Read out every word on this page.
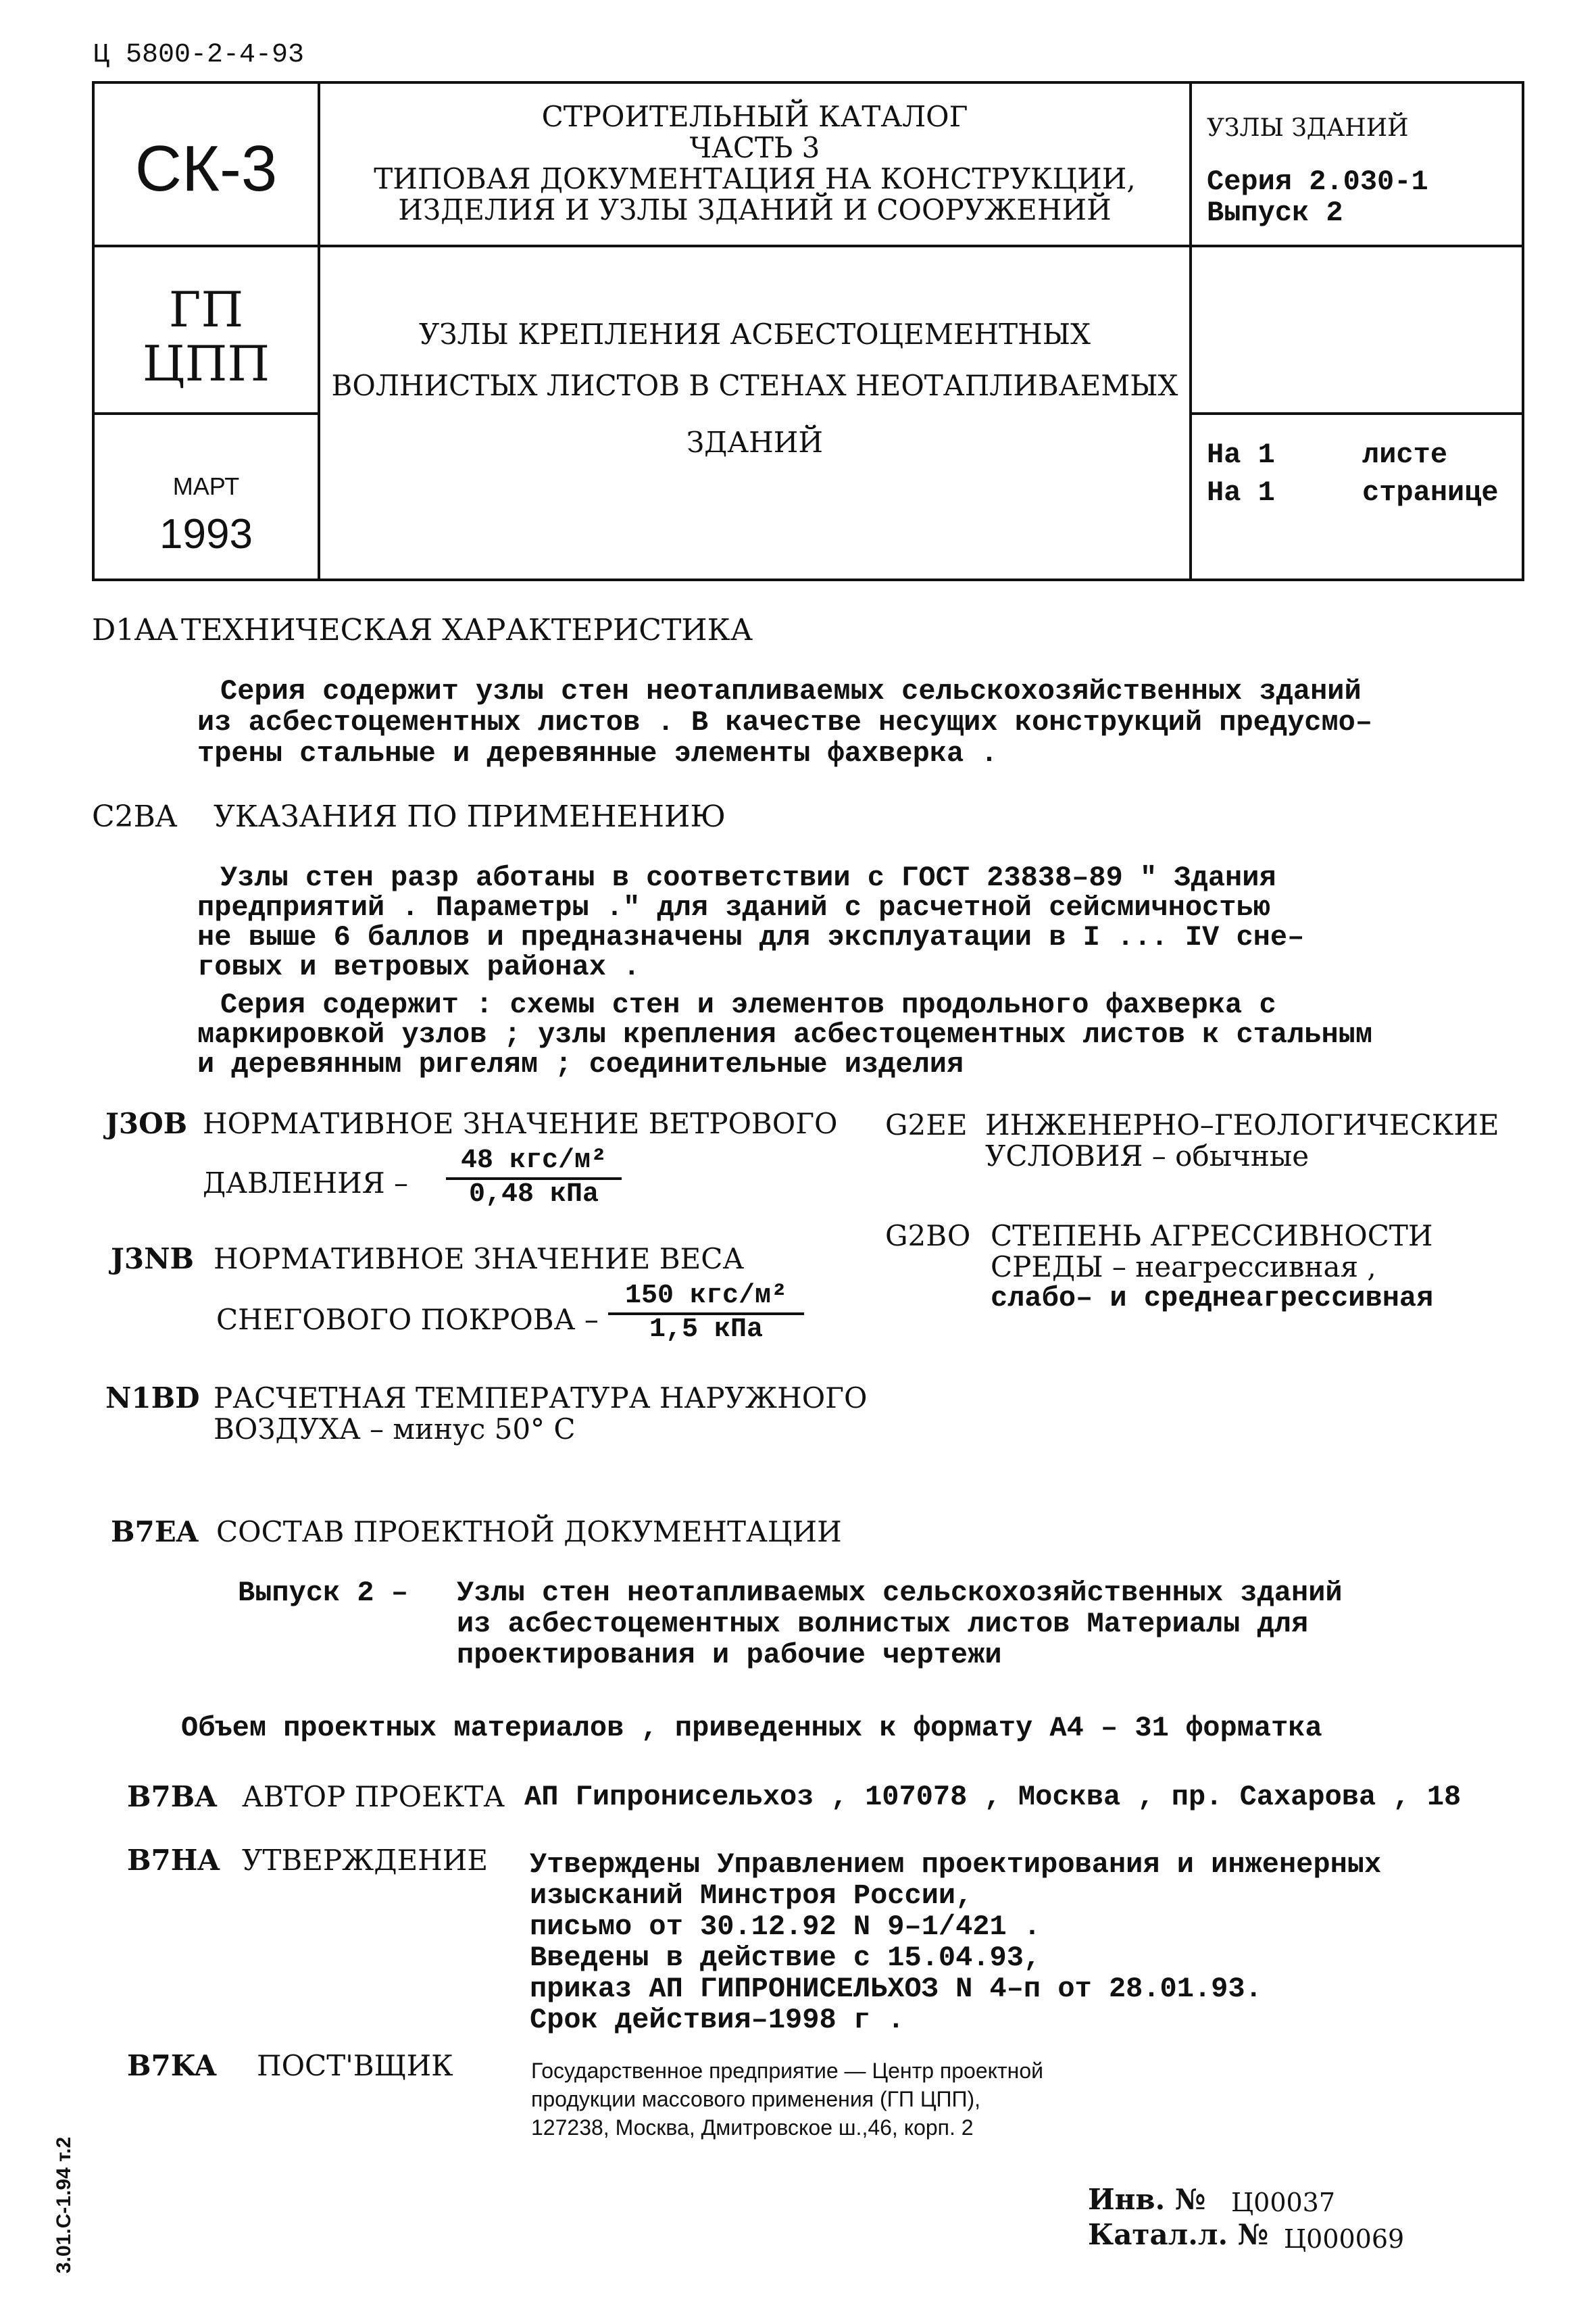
Ц 5800-2-4-93
СК-3
ГП
ЦПП
МАРТ
1993
СТРОИТЕЛЬНЫЙ КАТАЛОГ
ЧАСТЬ 3
ТИПОВАЯ ДОКУМЕНТАЦИЯ НА КОНСТРУКЦИИ,
ИЗДЕЛИЯ И УЗЛЫ ЗДАНИЙ И СООРУЖЕНИЙ
УЗЛЫ КРЕПЛЕНИЯ АСБЕСТОЦЕМЕНТНЫХ
ВОЛНИСТЫХ ЛИСТОВ В СТЕНАХ НЕОТАПЛИВАЕМЫХ
ЗДАНИЙ
УЗЛЫ ЗДАНИЙ
Серия 2.030-1
Выпуск 2
На 1	листе
На 1	странице
D1AA ТЕХНИЧЕСКАЯ ХАРАКТЕРИСТИКА
Серия содержит узлы стен неотапливаемых сельскохозяйственных зданий
из асбестоцементных листов . В качестве несущих конструкций предусмо–
трены стальные и деревянные элементы фахверка .
C2BA УКАЗАНИЯ ПО ПРИМЕНЕНИЮ
Узлы стен разр аботаны в соответствии с ГОСТ 23838–89 " Здания
предприятий . Параметры ." для зданий с расчетной сейсмичностью
не выше 6 баллов и предназначены для эксплуатации в I ... IV сне–
говых и ветровых районах .
Серия содержит : схемы стен и элементов продольного фахверка с
маркировкой узлов ; узлы крепления асбестоцементных листов к стальным
и деревянным ригелям ; соединительные изделия
J3OB НОРМАТИВНОЕ ЗНАЧЕНИЕ ВЕТРОВОГО
ДАВЛЕНИЯ –
48 кгс/м²
0,48 кПа
J3NB НОРМАТИВНОЕ ЗНАЧЕНИЕ ВЕСА
СНЕГОВОГО ПОКРОВА –
150 кгс/м²
1,5 кПа
N1BD РАСЧЕТНАЯ ТЕМПЕРАТУРА НАРУЖНОГО
ВОЗДУХА – минус 50° С
G2EE ИНЖЕНЕРНО–ГЕОЛОГИЧЕСКИЕ
УСЛОВИЯ – обычные
G2BO СТЕПЕНЬ АГРЕССИВНОСТИ
СРЕДЫ – неагрессивная ,
слабо– и среднеагрессивная
B7EA СОСТАВ ПРОЕКТНОЙ ДОКУМЕНТАЦИИ
Выпуск 2 – Узлы стен неотапливаемых сельскохозяйственных зданий
из асбестоцементных волнистых листов Материалы для
проектирования и рабочие чертежи
Объем проектных материалов , приведенных к формату А4 – 31 форматка
B7BA АВТОР ПРОЕКТА АП Гипронисельхоз , 107078 , Москва , пр. Сахарова , 18
B7HA УТВЕРЖДЕНИЕ Утверждены Управлением проектирования и инженерных
изысканий Минстроя России,
письмо от 30.12.92 N 9–1/421 .
Введены в действие с 15.04.93,
приказ АП ГИПРОНИСЕЛЬХОЗ N 4–п от 28.01.93.
Срок действия–1998 г .
B7KA ПОСТ'ВЩИК	Государственное предприятие — Центр проектной
продукции массового применения (ГП ЦПП),
127238, Москва, Дмитровское ш.,46, корп. 2
Инв. № Ц00037
Катал.л. № Ц000069
3.01.С-1.94 т.2
